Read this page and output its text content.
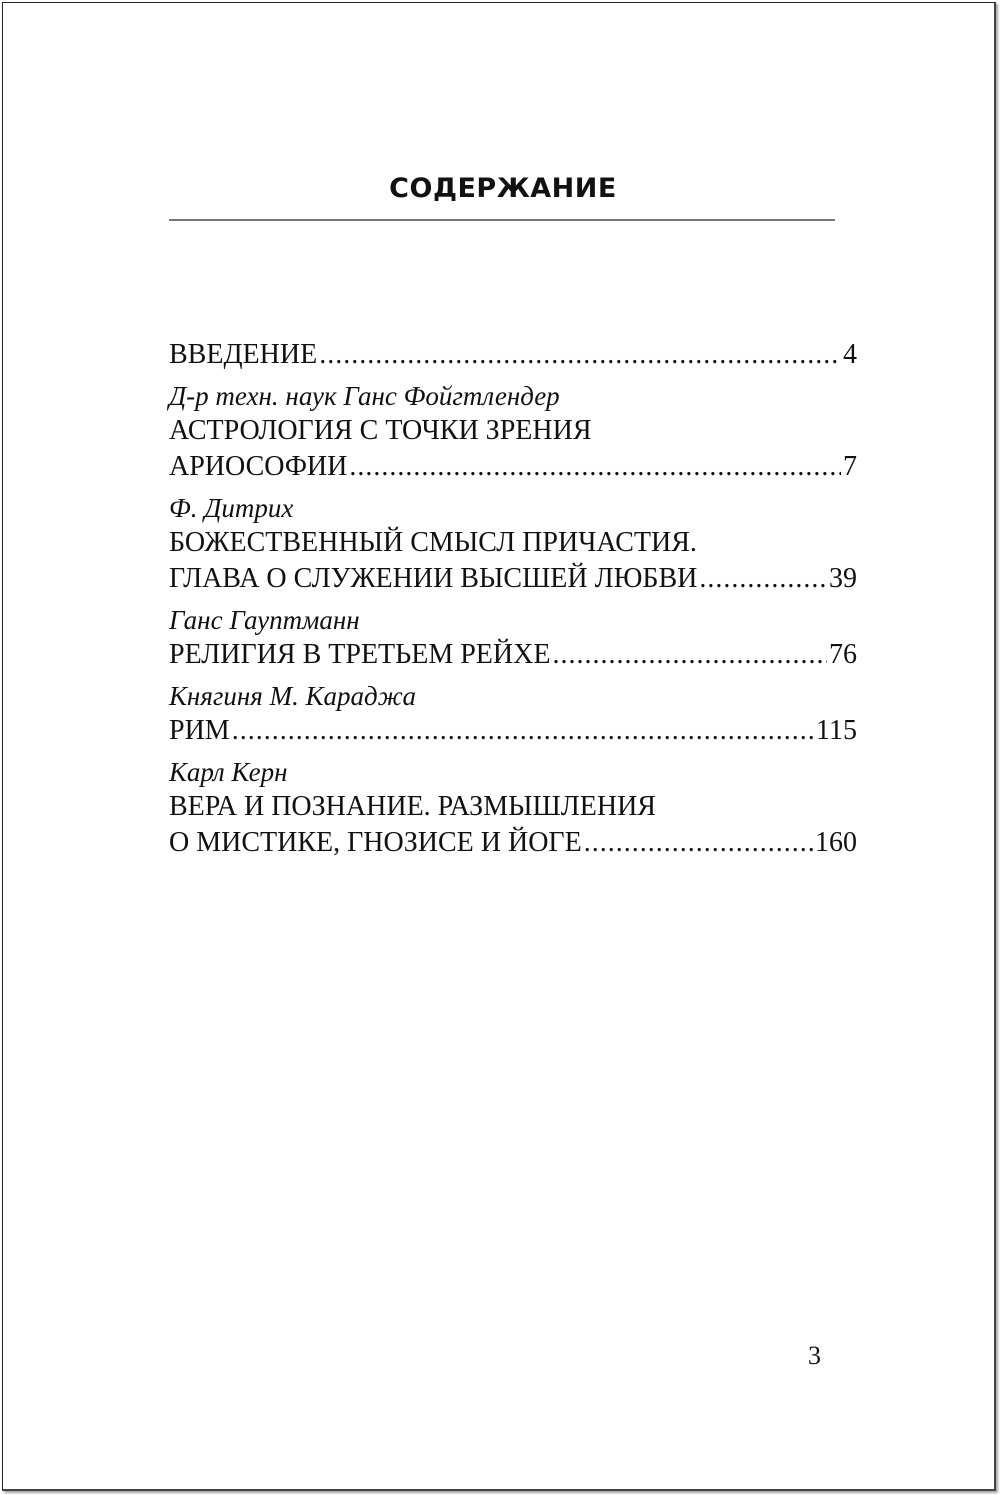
СОДЕРЖАНИЕ
ВВЕДЕНИЕ .....	4
Д-р техн. наук Ганс Фойгтлендер
АСТРОЛОГИЯ С ТОЧКИ ЗРЕНИЯ
АРИОСОФИИ .....	7
Ф. Дитрих
БОЖЕСТВЕННЫЙ СМЫСЛ ПРИЧАСТИЯ.
ГЛАВА О СЛУЖЕНИИ ВЫСШЕЙ ЛЮБВИ .....	39
Ганс Гауптманн
РЕЛИГИЯ В ТРЕТЬЕМ РЕЙХЕ .....	76
Княгиня М. Караджа
РИМ .....	115
Карл Керн
ВЕРА И ПОЗНАНИЕ. РАЗМЫШЛЕНИЯ
О МИСТИКЕ, ГНОЗИСЕ И ЙОГЕ .....	160
3
